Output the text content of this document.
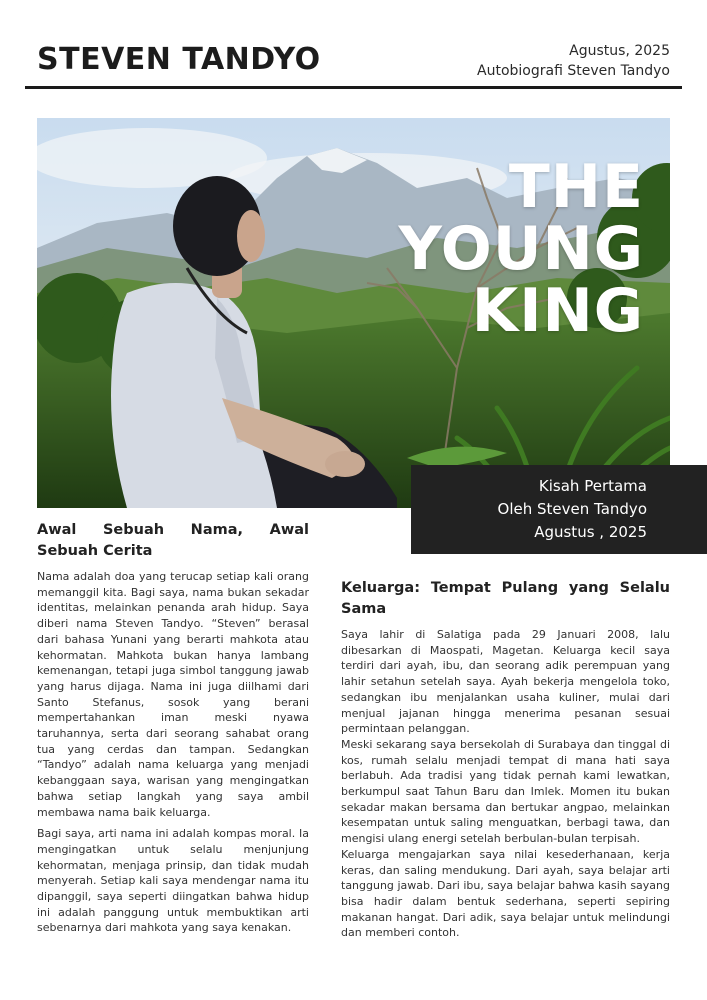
STEVEN TANDYO	Agustus, 2025
Autobiografi Steven Tandyo
THE
YOUNG
KING
Kisah Pertama
Oleh Steven Tandyo
Agustus , 2025
Awal Sebuah Nama, Awal Sebuah Cerita

Nama adalah doa yang terucap setiap kali orang memanggil kita. Bagi saya, nama bukan sekadar identitas, melainkan penanda arah hidup. Saya diberi nama Steven Tandyo. “Steven” berasal dari bahasa Yunani yang berarti mahkota atau kehormatan. Mahkota bukan hanya lambang kemenangan, tetapi juga simbol tanggung jawab yang harus dijaga. Nama ini juga diilhami dari Santo Stefanus, sosok yang berani mempertahankan iman meski nyawa taruhannya, serta dari seorang sahabat orang tua yang cerdas dan tampan. Sedangkan “Tandyo” adalah nama keluarga yang menjadi kebanggaan saya, warisan yang mengingatkan bahwa setiap langkah yang saya ambil membawa nama baik keluarga.

Bagi saya, arti nama ini adalah kompas moral. Ia mengingatkan untuk selalu menjunjung kehormatan, menjaga prinsip, dan tidak mudah menyerah. Setiap kali saya mendengar nama itu dipanggil, saya seperti diingatkan bahwa hidup ini adalah panggung untuk membuktikan arti sebenarnya dari mahkota yang saya kenakan.

Keluarga: Tempat Pulang yang Selalu Sama

Saya lahir di Salatiga pada 29 Januari 2008, lalu dibesarkan di Maospati, Magetan. Keluarga kecil saya terdiri dari ayah, ibu, dan seorang adik perempuan yang lahir setahun setelah saya. Ayah bekerja mengelola toko, sedangkan ibu menjalankan usaha kuliner, mulai dari menjual jajanan hingga menerima pesanan sesuai permintaan pelanggan.

Meski sekarang saya bersekolah di Surabaya dan tinggal di kos, rumah selalu menjadi tempat di mana hati saya berlabuh. Ada tradisi yang tidak pernah kami lewatkan, berkumpul saat Tahun Baru dan Imlek. Momen itu bukan sekadar makan bersama dan bertukar angpao, melainkan kesempatan untuk saling menguatkan, berbagi tawa, dan mengisi ulang energi setelah berbulan-bulan terpisah.

Keluarga mengajarkan saya nilai kesederhanaan, kerja keras, dan saling mendukung. Dari ayah, saya belajar arti tanggung jawab. Dari ibu, saya belajar bahwa kasih sayang bisa hadir dalam bentuk sederhana, seperti sepiring makanan hangat. Dari adik, saya belajar untuk melindungi dan memberi contoh.
